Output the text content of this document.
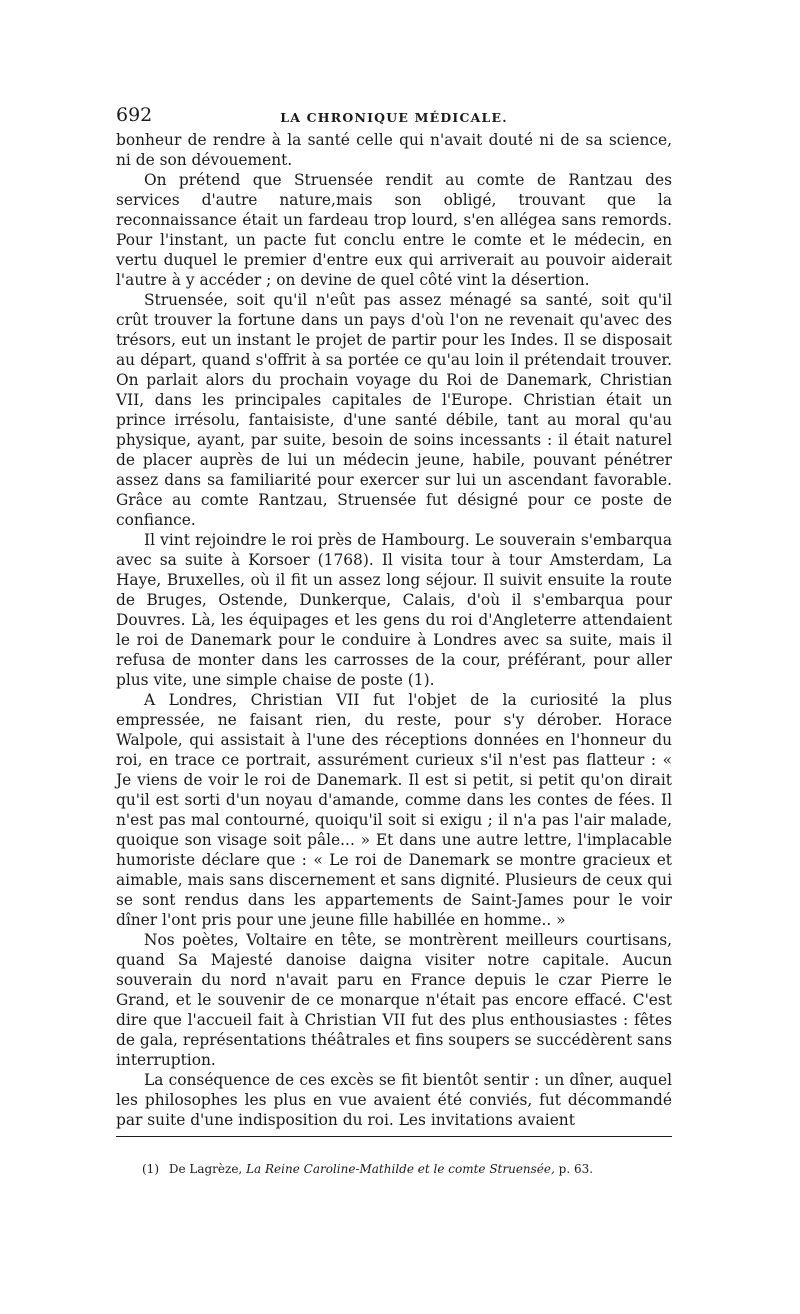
692	LA CHRONIQUE MÉDICALE.

bonheur de rendre à la santé celle qui n'avait douté ni de sa science, ni de son dévouement.

On prétend que Struensée rendit au comte de Rantzau des services d'autre nature,mais son obligé, trouvant que la reconnaissance était un fardeau trop lourd, s'en allégea sans remords. Pour l'instant, un pacte fut conclu entre le comte et le médecin, en vertu duquel le premier d'entre eux qui arriverait au pouvoir aiderait l'autre à y accéder ; on devine de quel côté vint la désertion.

Struensée, soit qu'il n'eût pas assez ménagé sa santé, soit qu'il crût trouver la fortune dans un pays d'où l'on ne revenait qu'avec des trésors, eut un instant le projet de partir pour les Indes. Il se disposait au départ, quand s'offrit à sa portée ce qu'au loin il prétendait trouver. On parlait alors du prochain voyage du Roi de Danemark, Christian VII, dans les principales capitales de l'Europe. Christian était un prince irrésolu, fantaisiste, d'une santé débile, tant au moral qu'au physique, ayant, par suite, besoin de soins incessants : il était naturel de placer auprès de lui un médecin jeune, habile, pouvant pénétrer assez dans sa familiarité pour exercer sur lui un ascendant favorable. Grâce au comte Rantzau, Struensée fut désigné pour ce poste de confiance.

Il vint rejoindre le roi près de Hambourg. Le souverain s'embarqua avec sa suite à Korsoer (1768). Il visita tour à tour Amsterdam, La Haye, Bruxelles, où il fit un assez long séjour. Il suivit ensuite la route de Bruges, Ostende, Dunkerque, Calais, d'où il s'embarqua pour Douvres. Là, les équipages et les gens du roi d'Angleterre attendaient le roi de Danemark pour le conduire à Londres avec sa suite, mais il refusa de monter dans les carrosses de la cour, préférant, pour aller plus vite, une simple chaise de poste (1).

A Londres, Christian VII fut l'objet de la curiosité la plus empressée, ne faisant rien, du reste, pour s'y dérober. Horace Walpole, qui assistait à l'une des réceptions données en l'honneur du roi, en trace ce portrait, assurément curieux s'il n'est pas flatteur : « Je viens de voir le roi de Danemark. Il est si petit, si petit qu'on dirait qu'il est sorti d'un noyau d'amande, comme dans les contes de fées. Il n'est pas mal contourné, quoiqu'il soit si exigu ; il n'a pas l'air malade, quoique son visage soit pâle... » Et dans une autre lettre, l'implacable humoriste déclare que : « Le roi de Danemark se montre gracieux et aimable, mais sans discernement et sans dignité. Plusieurs de ceux qui se sont rendus dans les appartements de Saint-James pour le voir dîner l'ont pris pour une jeune fille habillée en homme.. »

Nos poètes, Voltaire en tête, se montrèrent meilleurs courtisans, quand Sa Majesté danoise daigna visiter notre capitale. Aucun souverain du nord n'avait paru en France depuis le czar Pierre le Grand, et le souvenir de ce monarque n'était pas encore effacé. C'est dire que l'accueil fait à Christian VII fut des plus enthousiastes : fêtes de gala, représentations théâtrales et fins soupers se succédèrent sans interruption.

La conséquence de ces excès se fit bientôt sentir : un dîner, auquel les philosophes les plus en vue avaient été conviés, fut décommandé par suite d'une indisposition du roi. Les invitations avaient

(1) De Lagrèze, La Reine Caroline-Mathilde et le comte Struensée, p. 63.
